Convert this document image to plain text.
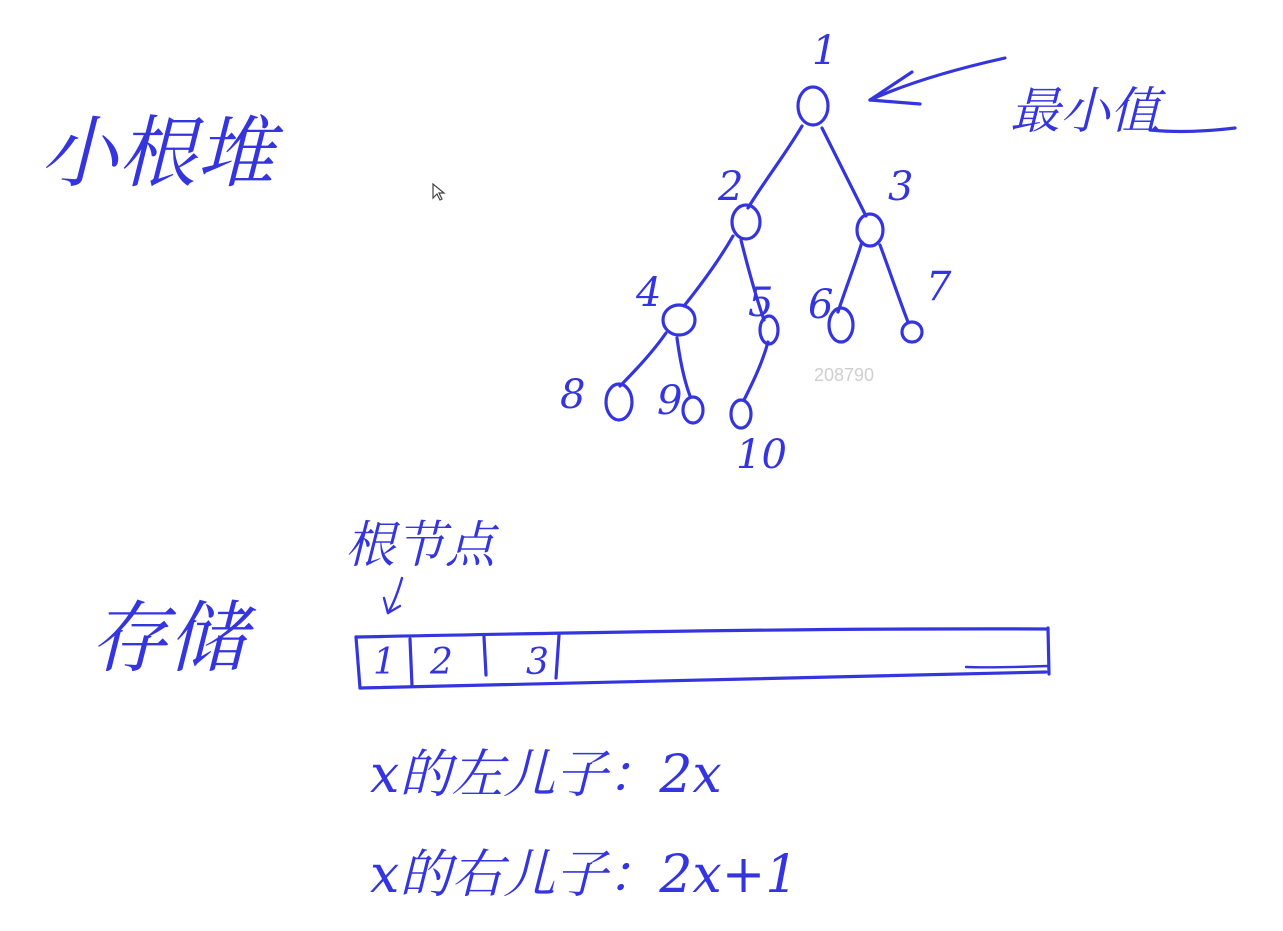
小根堆	最小值
1
2	3
4 5 6 7
8 9
10
208790
根节点
存储	1 2 3
x的左儿子：2x
x的右儿子：2x+1
